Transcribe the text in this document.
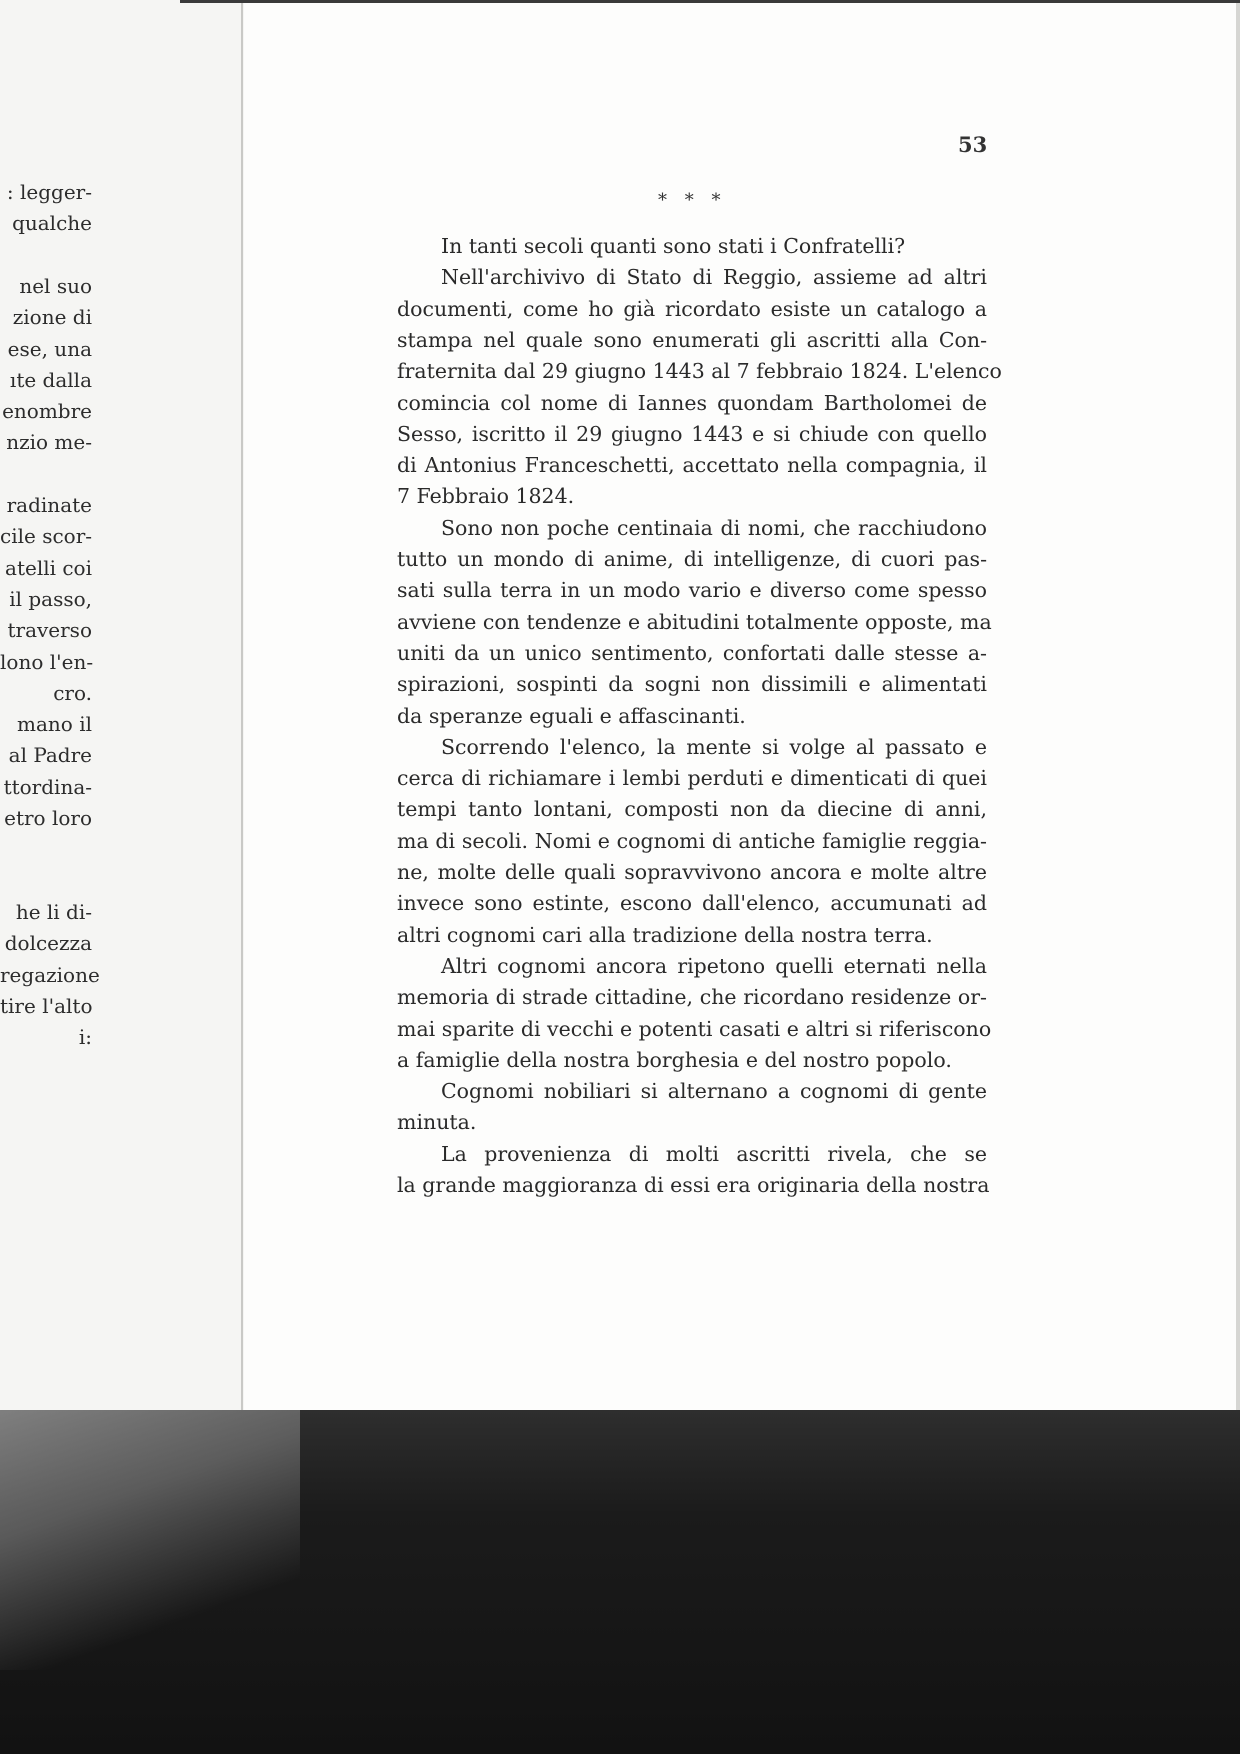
: legger-
qualche
nel suo
zione di
ese, una
ıte dalla
enombre
nzio me-
radinate
cile scor-
atelli coi
il passo,
traverso
lono l'en-
cro.
mano il
al Padre
ttordina-
etro loro
he li di-
dolcezza
regazione
tire l'alto
i:
53
* * *
In tanti secoli quanti sono stati i Confratelli?
Nell'archivivo di Stato di Reggio, assieme ad altri
documenti, come ho già ricordato esiste un catalogo a
stampa nel quale sono enumerati gli ascritti alla Con-
fraternita dal 29 giugno 1443 al 7 febbraio 1824. L'elenco
comincia col nome di Iannes quondam Bartholomei de
Sesso, iscritto il 29 giugno 1443 e si chiude con quello
di Antonius Franceschetti, accettato nella compagnia, il
7 Febbraio 1824.
Sono non poche centinaia di nomi, che racchiudono
tutto un mondo di anime, di intelligenze, di cuori pas-
sati sulla terra in un modo vario e diverso come spesso
avviene con tendenze e abitudini totalmente opposte, ma
uniti da un unico sentimento, confortati dalle stesse a-
spirazioni, sospinti da sogni non dissimili e alimentati
da speranze eguali e affascinanti.
Scorrendo l'elenco, la mente si volge al passato e
cerca di richiamare i lembi perduti e dimenticati di quei
tempi tanto lontani, composti non da diecine di anni,
ma di secoli. Nomi e cognomi di antiche famiglie reggia-
ne, molte delle quali sopravvivono ancora e molte altre
invece sono estinte, escono dall'elenco, accumunati ad
altri cognomi cari alla tradizione della nostra terra.
Altri cognomi ancora ripetono quelli eternati nella
memoria di strade cittadine, che ricordano residenze or-
mai sparite di vecchi e potenti casati e altri si riferiscono
a famiglie della nostra borghesia e del nostro popolo.
Cognomi nobiliari si alternano a cognomi di gente
minuta.
La provenienza di molti ascritti rivela, che se
la grande maggioranza di essi era originaria della nostra
